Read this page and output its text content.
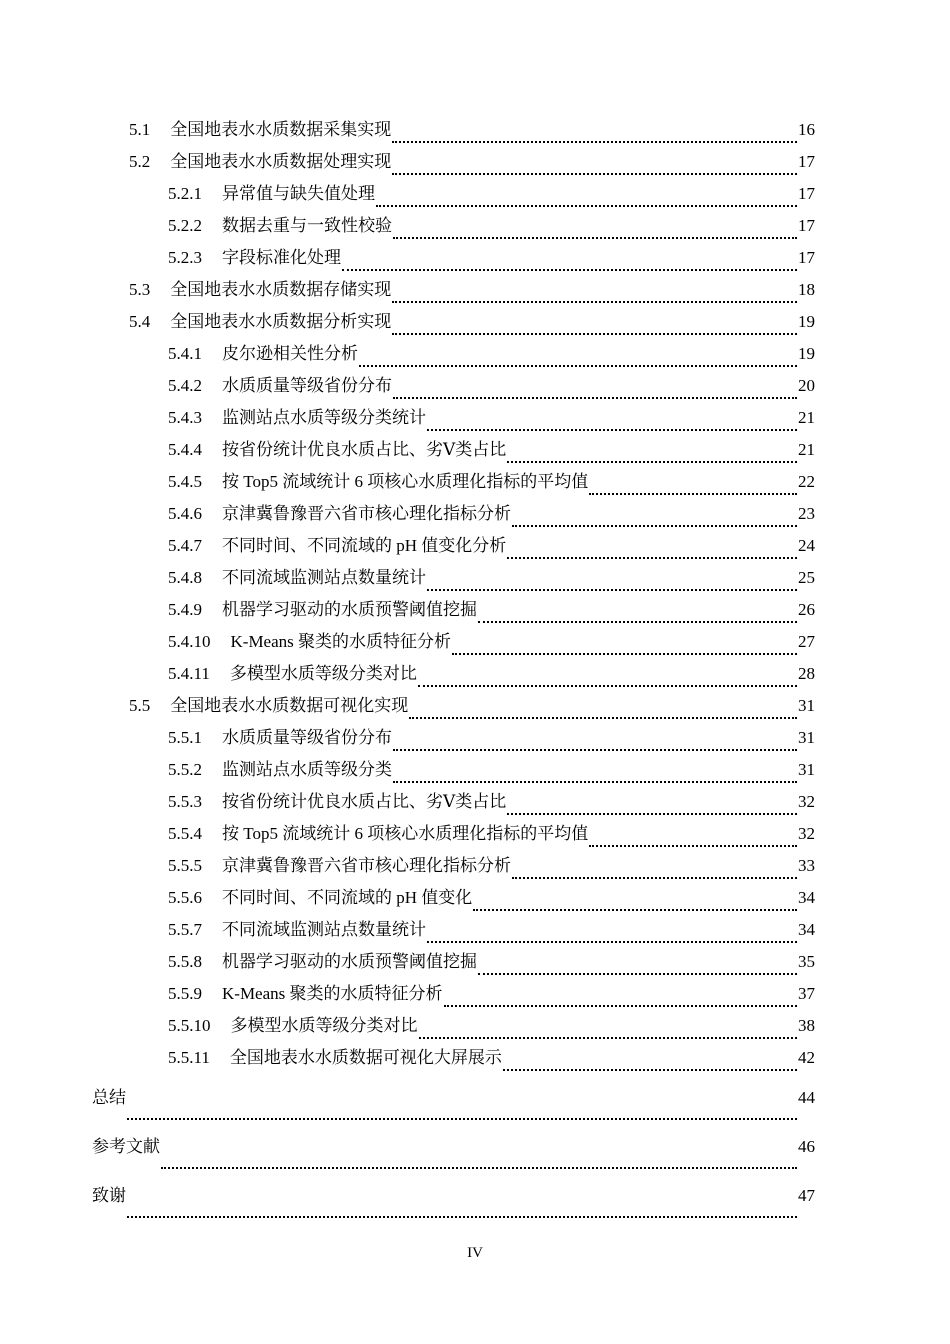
5.1 全国地表水水质数据采集实现	16
5.2 全国地表水水质数据处理实现	17
5.2.1 异常值与缺失值处理	17
5.2.2 数据去重与一致性校验	17
5.2.3 字段标准化处理	17
5.3 全国地表水水质数据存储实现	18
5.4 全国地表水水质数据分析实现	19
5.4.1 皮尔逊相关性分析	19
5.4.2 水质质量等级省份分布	20
5.4.3 监测站点水质等级分类统计	21
5.4.4 按省份统计优良水质占比、劣Ⅴ类占比	21
5.4.5 按 Top5 流域统计 6 项核心水质理化指标的平均值	22
5.4.6 京津冀鲁豫晋六省市核心理化指标分析	23
5.4.7 不同时间、不同流域的 pH 值变化分析	24
5.4.8 不同流域监测站点数量统计	25
5.4.9 机器学习驱动的水质预警阈值挖掘	26
5.4.10 K-Means 聚类的水质特征分析	27
5.4.11 多模型水质等级分类对比	28
5.5 全国地表水水质数据可视化实现	31
5.5.1 水质质量等级省份分布	31
5.5.2 监测站点水质等级分类	31
5.5.3 按省份统计优良水质占比、劣Ⅴ类占比	32
5.5.4 按 Top5 流域统计 6 项核心水质理化指标的平均值	32
5.5.5 京津冀鲁豫晋六省市核心理化指标分析	33
5.5.6 不同时间、不同流域的 pH 值变化	34
5.5.7 不同流域监测站点数量统计	34
5.5.8 机器学习驱动的水质预警阈值挖掘	35
5.5.9 K-Means 聚类的水质特征分析	37
5.5.10 多模型水质等级分类对比	38
5.5.11 全国地表水水质数据可视化大屏展示	42
总结	44
参考文献	46
致谢	47
IV
